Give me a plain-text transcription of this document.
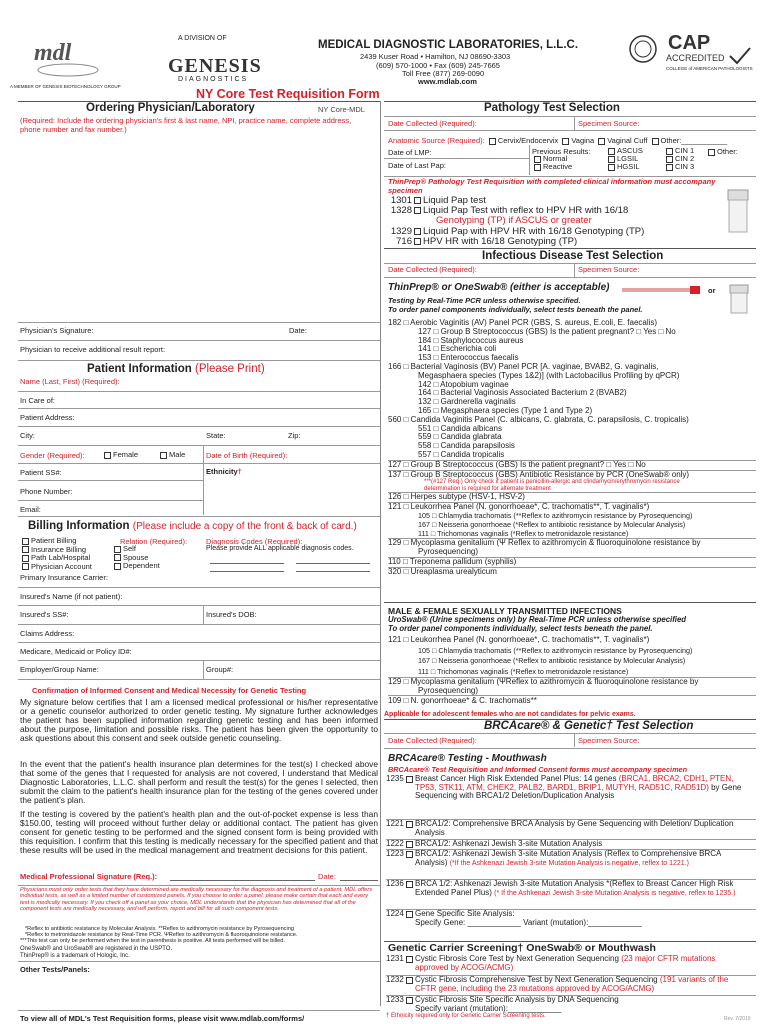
mdl
A DIVISION OF
GENESIS
DIAGNOSTICS
A MEMBER OF GENESIS BIOTECHNOLOGY GROUP
MEDICAL DIAGNOSTIC LABORATORIES, L.L.C.
2439 Kuser Road • Hamilton, NJ 08690-3303
(609) 570-1000 • Fax (609) 245-7665
Toll Free (877) 269-0090
www.mdlab.com
CAP
ACCREDITED
COLLEGE of AMERICAN PATHOLOGISTS
NY Core Test Requisition Form
Ordering Physician/Laboratory	NY Core-MDL
(Required: Include the ordering physician's first & last name, NPI, practice name, complete address, phone number and fax number.)
Physician's Signature:	Date:
Physician to receive additional result report:
Patient Information (Please Print)
Name (Last, First) (Required):
In Care of:
Patient Address:
City:	State:	Zip:
Gender (Required):	Female	Male	Date of Birth (Required):
Patient SS#:	Ethnicity†
Phone Number:
Email:
Billing Information (Please include a copy of the front & back of card.)
Patient Billing
Insurance Billing
Path Lab/Hospital
Physician Account
Relation (Required):
Self
Spouse
Dependent
Diagnosis Codes (Required):
Please provide ALL applicable diagnosis codes.
Primary Insurance Carrier:
Insured's Name (if not patient):
Insured's SS#:	Insured's DOB:
Claims Address:
Medicare, Medicaid or Policy ID#:
Employer/Group Name:	Group#:
Confirmation of Informed Consent and Medical Necessity for Genetic Testing
My signature below certifies that I am a licensed medical professional or his/her representative or a genetic counselor authorized to order genetic testing. My signature further acknowledges the patient has been supplied information regarding genetic testing and has been informed about the purpose, limitation and possible risks. The patient has been given the opportunity to ask questions about this consent and seek outside genetic counseling.
In the event that the patient's health insurance plan determines for the test(s) I checked above that some of the genes that I requested for analysis are not covered, I understand that Medical Diagnostic Laboratories, L.L.C. shall perform and result the test(s) for the genes I selected, then submit the claim to the patient's health insurance plan for the testing of the genes covered under the patient's plan.
If the testing is covered by the patient's health plan and the out-of-pocket expense is less than $150.00, testing will proceed without further delay or additional contact. The patient has given consent for genetic testing to be performed and the signed consent form is being provided with this requisition. I confirm that this testing is medically necessary for the specified patient and that these results will be used in the medical management and treatment decisions for this patient.
Medical Professional Signature (Req.):	Date:
Physicians must only order tests that they have determined are medically necessary for the diagnosis and treatment of a patient. MDL offers individual tests, as well as a limited number of customized panels. If you choose to order a panel, please make certain that each and every test is medically necessary. If you check off a panel as your choice, MDL understands that the physician has determined that all of the component tests are medically necessary, and will perform, report and bill for all such component tests.
*Reflex to antibiotic resistance by Molecular Analysis. **Reflex to azithromycin resistance by Pyrosequencing
*Reflex to metronidazole resistance by Real-Time PCR. ΨReflex to azithromycin & fluoroquinolone resistance.
***This test can only be performed when the test in parenthesis is positive. All tests performed will be billed.
OneSwab® and UroSwab® are registered in the USPTO.
ThinPrep® is a trademark of Hologic, Inc.
Other Tests/Panels:
To view all of MDL's Test Requisition forms, please visit www.mdlab.com/forms/
Pathology Test Selection
Date Collected (Required):	Specimen Source:
Anatomic Source (Required): Cervix/Endocervix Vagina Vaginal Cuff Other:___________
Date of LMP:
Date of Last Pap:
Previous Results:
Normal
Reactive
ASCUS
LGSIL
HGSIL
CIN 1
CIN 2
CIN 3
Other:
ThinPrep® Pathology Test Requisition with completed clinical information must accompany specimen
1301 Liquid Pap test
1328 Liquid Pap Test with reflex to HPV HR with 16/18
Genotyping (TP) if ASCUS or greater
1329 Liquid Pap with HPV HR with 16/18 Genotyping (TP)
716 HPV HR with 16/18 Genotyping (TP)
Infectious Disease Test Selection
Date Collected (Required):	Specimen Source:
ThinPrep® or OneSwab® (either is acceptable)	or
Testing by Real-Time PCR unless otherwise specified.
To order panel components individually, select tests beneath the panel.
182 □ Aerobic Vaginitis (AV) Panel PCR (GBS, S. aureus, E.coli, E. faecalis)
127 □ Group B Streptococcus (GBS) Is the patient pregnant? □ Yes □ No
184 □ Staphylococcus aureus
141 □ Escherichia coli
153 □ Enterococcus faecalis
166 □ Bacterial Vaginosis (BV) Panel PCR [A. vaginae, BVAB2, G. vaginalis,
Megasphaera species (Types 1&2)] (with Lactobacillus Profiling by qPCR)
142 □ Atopobium vaginae
164 □ Bacterial Vaginosis Associated Bacterium 2 (BVAB2)
132 □ Gardnerella vaginalis
165 □ Megasphaera species (Type 1 and Type 2)
560 □ Candida Vaginitis Panel (C. albicans, C. glabrata, C. parapsilosis, C. tropicalis)
551 □ Candida albicans
559 □ Candida glabrata
558 □ Candida parapsilosis
557 □ Candida tropicalis
127 □ Group B Streptococcus (GBS) Is the patient pregnant? □ Yes □ No
137 □ Group B Streptococcus (GBS) Antibiotic Resistance by PCR (OneSwab® only)
***(#127 Req.) Only check if patient is penicillin-allergic and clindamycin/erythromycin resistance determination is required for alternate treatment
126 □ Herpes subtype (HSV-1, HSV-2)
121 □ Leukorrhea Panel (N. gonorrhoeae*, C. trachomatis**, T. vaginalis*)
105 □ Chlamydia trachomatis (**Reflex to azithromycin resistance by Pyrosequencing)
167 □ Neisseria gonorrhoeae (*Reflex to antibiotic resistance by Molecular Analysis)
111 □ Trichomonas vaginalis (*Reflex to metronidazole resistance)
129 □ Mycoplasma genitalium (Ψ Reflex to azithromycin & fluoroquinolone resistance by
Pyrosequencing)
110 □ Treponema pallidum (syphilis)
320 □ Ureaplasma urealyticum
MALE & FEMALE SEXUALLY TRANSMITTED INFECTIONS
UroSwab® (Urine specimens only) by Real-Time PCR unless otherwise specified
To order panel components individually, select tests beneath the panel.
121 □ Leukorrhea Panel (N. gonorrhoeae*, C. trachomatis**, T. vaginalis*)
105 □ Chlamydia trachomatis (**Reflex to azithromycin resistance by Pyrosequencing)
167 □ Neisseria gonorrhoeae (*Reflex to antibiotic resistance by Molecular Analysis)
111 □ Trichomonas vaginalis (*Reflex to metronidazole resistance)
129 □ Mycoplasma genitalium (ΨReflex to azithromycin & fluoroquinolone resistance by
Pyrosequencing)
109 □ N. gonorrhoeae* & C. trachomatis**
Applicable for adolescent females who are not candidates for pelvic exams.
BRCAcare® & Genetic† Test Selection
Date Collected (Required):	Specimen Source:
BRCAcare® Testing - Mouthwash
BRCAcare® Test Requisition and Informed Consent forms must accompany specimen
1235 Breast Cancer High Risk Extended Panel Plus: 14 genes (BRCA1, BRCA2, CDH1, PTEN, TP53, STK11, ATM, CHEK2, PALB2, BARD1, BRIP1, MUTYH, RAD51C, RAD51D) by Gene Sequencing with BRCA1/2 Deletion/Duplication Analysis
1221 BRCA1/2: Comprehensive BRCA Analysis by Gene Sequencing with Deletion/ Duplication Analysis
1222 BRCA1/2: Ashkenazi Jewish 3-site Mutation Analysis
1223 BRCA1/2: Ashkenazi Jewish 3-site Mutation Analysis (Reflex to Comprehensive BRCA Analysis) (*If the Ashkenazi Jewish 3-site Mutation Analysis is negative, reflex to 1221.)
1236 BRCA 1/2: Ashkenazi Jewish 3-site Mutation Analysis *(Reflex to Breast Cancer High Risk Extended Panel Plus) (* If the Ashkenazi Jewish 3-site Mutation Analysis is negative, reflex to 1235.)
1224 Gene Specific Site Analysis:
Specify Gene: ____________ Variant (mutation):____________
Genetic Carrier Screening† OneSwab® or Mouthwash
1231 Cystic Fibrosis Core Test by Next Generation Sequencing (23 major CFTR mutations approved by ACOG/ACMG)
1232 Cystic Fibrosis Comprehensive Test by Next Generation Sequencing (191 variants of the CFTR gene, including the 23 mutations approved by ACOG/ACMG)
1233 Cystic Fibrosis Site Specific Analysis by DNA Sequencing
Specify variant (mutation):____________
† Ethnicity required only for Genetic Carrier Screening tests.	Rev. 7/2019
